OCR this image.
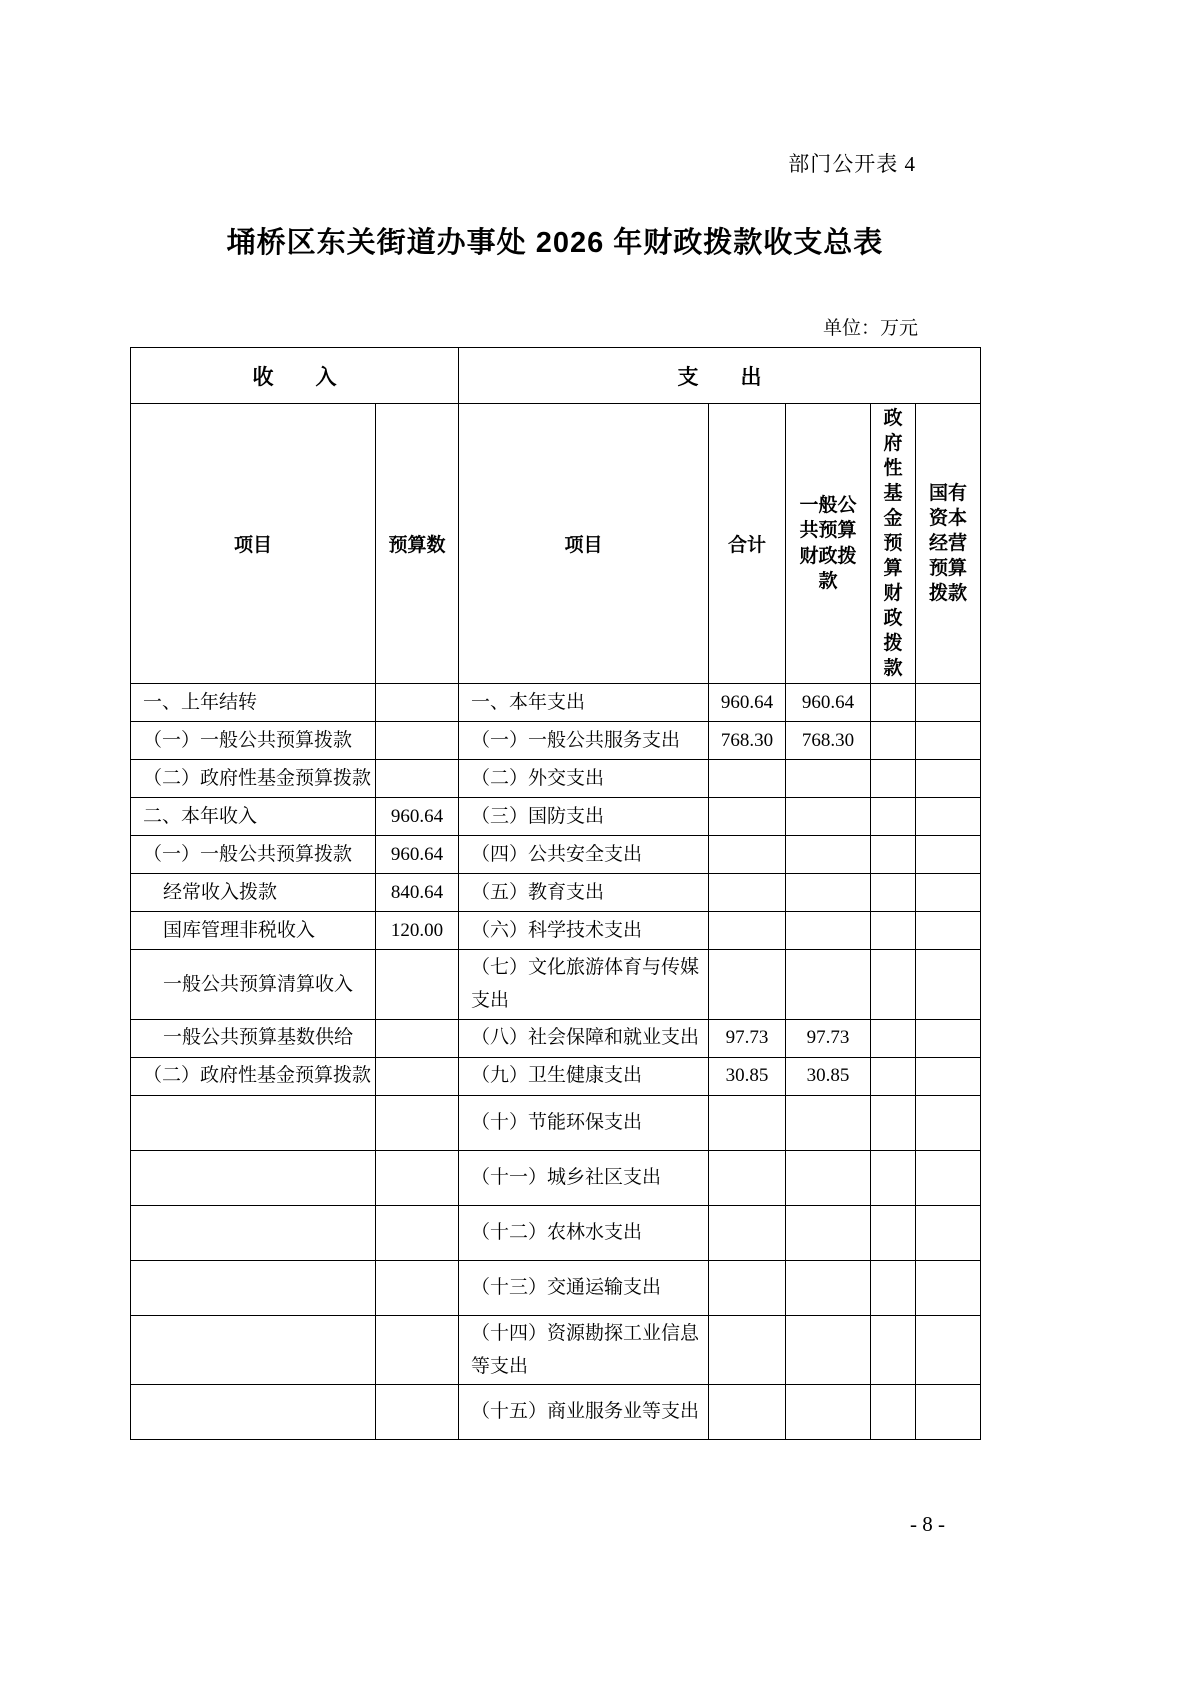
部门公开表 4
埇桥区东关街道办事处 2026 年财政拨款收支总表
单位：万元
收　　入		支　　出				
项目	预算数	项目	合计	一般公共预算财政拨款	政府性基金预算财政拨款	国有资本经营预算拨款

一、上年结转		一、本年支出	960.64	960.64		
（一）一般公共预算拨款		（一）一般公共服务支出	768.30	768.30		
（二）政府性基金预算拨款		（二）外交支出				
二、本年收入	960.64	（三）国防支出				
（一）一般公共预算拨款	960.64	（四）公共安全支出				
经常收入拨款	840.64	（五）教育支出				
国库管理非税收入	120.00	（六）科学技术支出				
一般公共预算清算收入		（七）文化旅游体育与传媒支出				
一般公共预算基数供给		（八）社会保障和就业支出	97.73	97.73		
（二）政府性基金预算拨款		（九）卫生健康支出	30.85	30.85		
		（十）节能环保支出				
		（十一）城乡社区支出				
		（十二）农林水支出				
		（十三）交通运输支出				
		（十四）资源勘探工业信息等支出				
		（十五）商业服务业等支出				
- 8 -
